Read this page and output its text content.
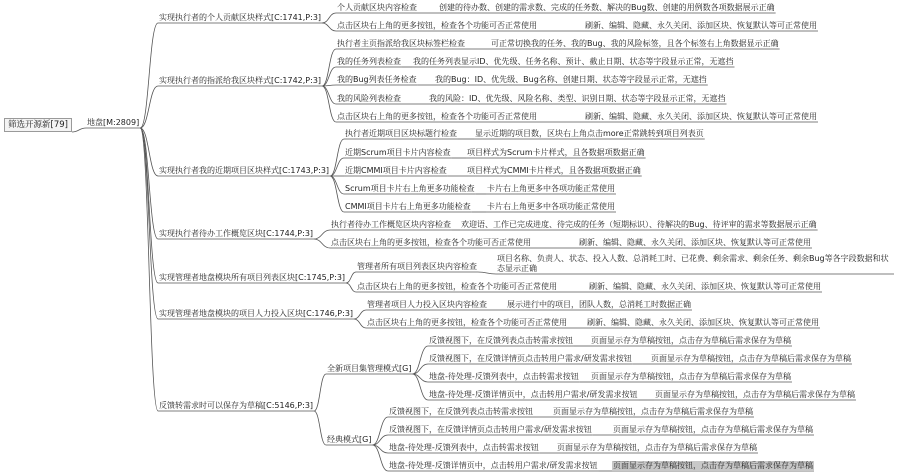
筛选开源新[79]	地盘[M:2809]
实现执行者的个人贡献区块样式[C:1741,P:3]
个人贡献区块内容检查	创建的待办数、创建的需求数、完成的任务数、解决的Bug数、创建的用例数各项数据展示正确
点击区块右上角的更多按钮，检查各个功能可否正常使用	刷新、编辑、隐藏、永久关闭、添加区块、恢复默认等可正常使用
实现执行者的指派给我区块样式[C:1742,P:3]
执行者主页指派给我区块标签栏检查	可正常切换我的任务、我的Bug、我的风险标签，且各个标签右上角数据显示正确
我的任务列表检查 我的任务列表显示ID、优先级、任务名称、预计、截止日期、状态等字段显示正常，无遮挡
我的Bug列表任务检查 我的Bug：ID、优先级、Bug名称、创建日期、状态等字段显示正常，无遮挡
我的风险列表检查	我的风险：ID、优先级、风险名称、类型、识别日期、状态等字段显示正常，无遮挡
点击区块右上角的更多按钮，检查各个功能可否正常使用	刷新、编辑、隐藏、永久关闭、添加区块、恢复默认等可正常使用
实现执行者我的近期项目区块样式[C:1743,P:3]
执行者近期项目区块标题行检查 显示近期的项目数，区块右上角点击more正常跳转到项目列表页
近期Scrum项目卡片内容检查 项目样式为Scrum卡片样式，且各数据项数据正确
近期CMMI项目卡片内容检查	项目样式为CMMI卡片样式，且各数据项数据正确
Scrum项目卡片右上角更多功能检查 卡片右上角更多中各项功能正常使用
CMMI项目卡片右上角更多功能检查 卡片右上角更多中各项功能正常使用
实现执行者待办工作概览区块[C:1744,P:3]
执行者待办工作概览区块内容检查 欢迎语、工作已完成进度、待完成的任务（短期标识）、待解决的Bug、待评审的需求等数据展示正确
点击区块右上角的更多按钮，检查各个功能可否正常使用	刷新、编辑、隐藏、永久关闭、添加区块、恢复默认等可正常使用
实现管理者地盘模块所有项目列表区块[C:1745,P:3]
管理者所有项目列表区块内容检查
项目名称、负责人、状态、投入人数、总消耗工时、已花费、剩余需求、剩余任务、剩余Bug等各字段数据和状态显示正确
点击区块右上角的更多按钮，检查各个功能可否正常使用	刷新、编辑、隐藏、永久关闭、添加区块、恢复默认等可正常使用
实现管理者地盘模块的项目人力投入区块[C:1746,P:3]
管理者项目人力投入区块内容检查	展示进行中的项目，团队人数，总消耗工时数据正确
点击区块右上角的更多按钮，检查各个功能可否正常使用	刷新、编辑、隐藏、永久关闭、添加区块、恢复默认等可正常使用
反馈转需求时可以保存为草稿[C:5146,P:3]
全新项目集管理模式[G]
反馈视图下，在反馈列表点击转需求按钮 页面显示存为草稿按钮，点击存为草稿后需求保存为草稿
反馈视图下，在反馈详情页点击转用户需求/研发需求按钮 页面显示存为草稿按钮，点击存为草稿后需求保存为草稿
地盘-待处理-反馈列表中，点击转需求按钮 页面显示存为草稿按钮，点击存为草稿后需求保存为草稿
地盘-待处理-反馈详情页中，点击转用户需求/研发需求按钮 页面显示存为草稿按钮，点击存为草稿后需求保存为草稿
经典模式[G]
反馈视图下，在反馈列表点击转需求按钮	页面显示存为草稿按钮，点击存为草稿后需求保存为草稿
反馈视图下，在反馈详情页点击转用户需求/研发需求按钮	页面显示存为草稿按钮，点击存为草稿后需求保存为草稿
地盘-待处理-反馈列表中，点击转需求按钮 页面显示存为草稿按钮，点击存为草稿后需求保存为草稿
地盘-待处理-反馈详情页中，点击转用户需求/研发需求按钮 页面显示存为草稿按钮，点击存为草稿后需求保存为草稿
